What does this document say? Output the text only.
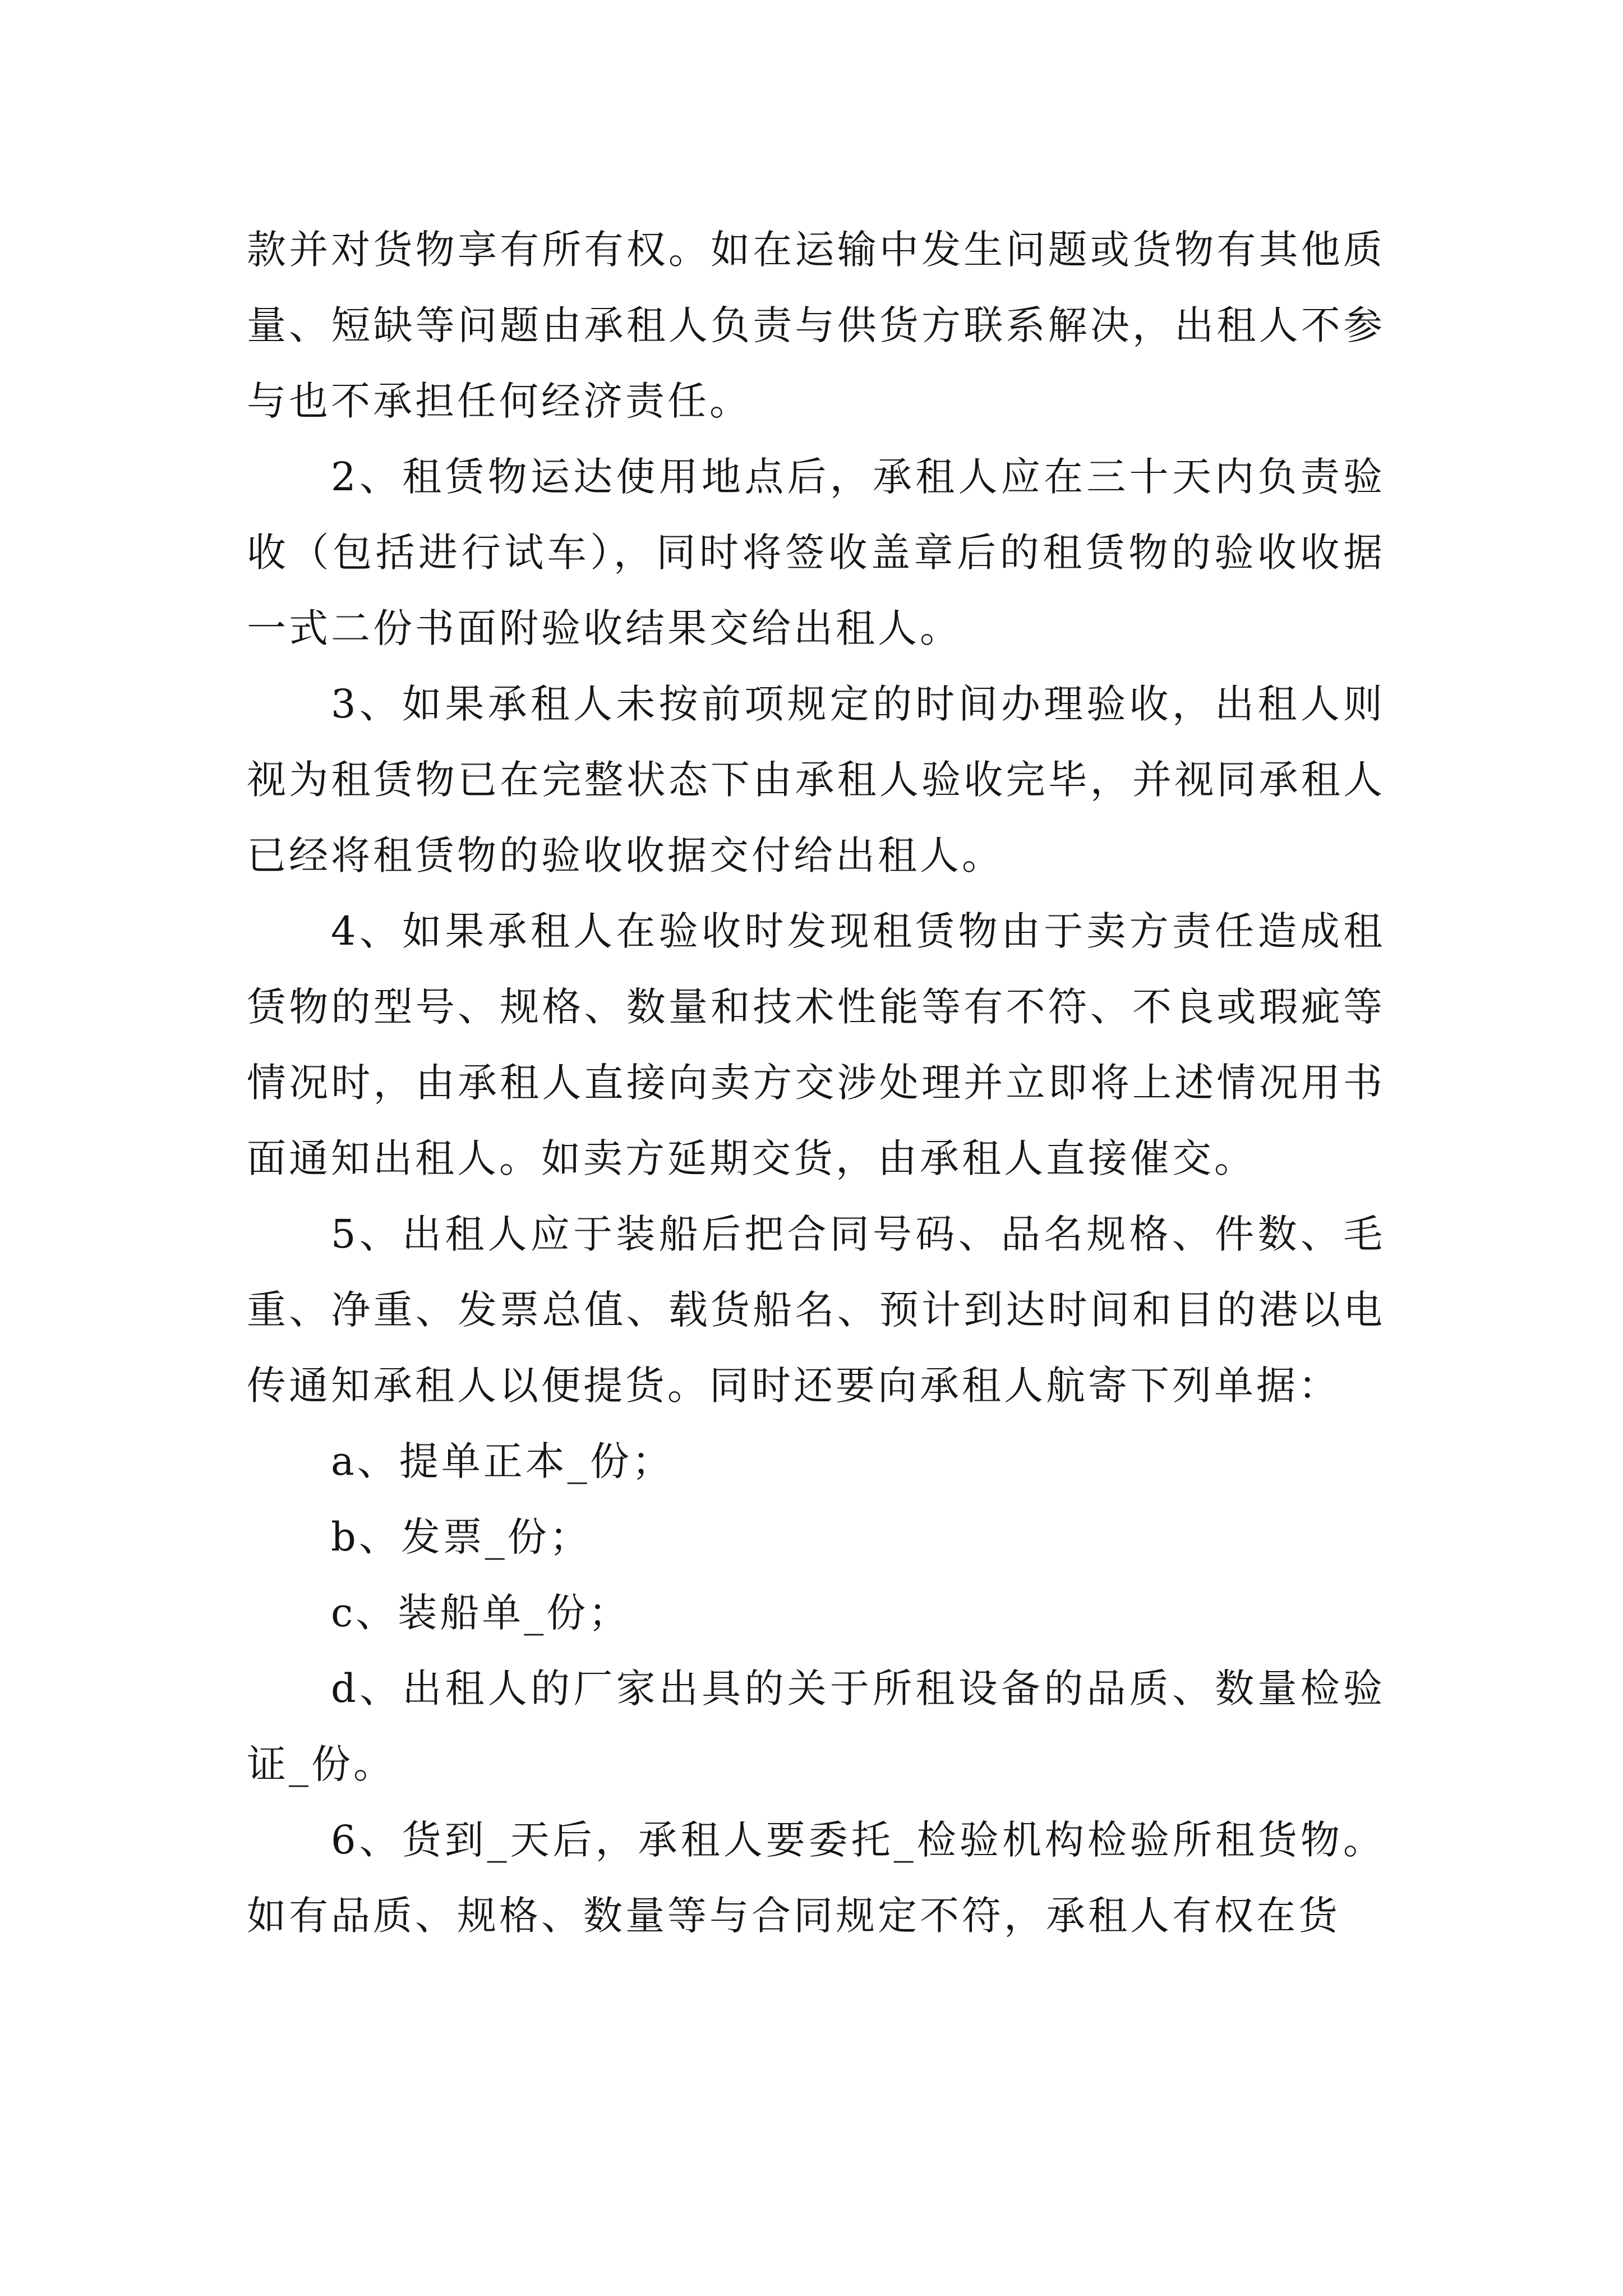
款并对货物享有所有权。如在运输中发生问题或货物有其他质量、短缺等问题由承租人负责与供货方联系解决，出租人不参与也不承担任何经济责任。

2、租赁物运达使用地点后，承租人应在三十天内负责验收（包括进行试车），同时将签收盖章后的租赁物的验收收据一式二份书面附验收结果交给出租人。

3、如果承租人未按前项规定的时间办理验收，出租人则视为租赁物已在完整状态下由承租人验收完毕，并视同承租人已经将租赁物的验收收据交付给出租人。

4、如果承租人在验收时发现租赁物由于卖方责任造成租赁物的型号、规格、数量和技术性能等有不符、不良或瑕疵等情况时，由承租人直接向卖方交涉处理并立即将上述情况用书面通知出租人。如卖方延期交货，由承租人直接催交。

5、出租人应于装船后把合同号码、品名规格、件数、毛重、净重、发票总值、载货船名、预计到达时间和目的港以电传通知承租人以便提货。同时还要向承租人航寄下列单据：

a、提单正本_份；

b、发票_份；

c、装船单_份；

d、出租人的厂家出具的关于所租设备的品质、数量检验证_份。

6、货到_天后，承租人要委托_检验机构检验所租货物。如有品质、规格、数量等与合同规定不符，承租人有权在货
